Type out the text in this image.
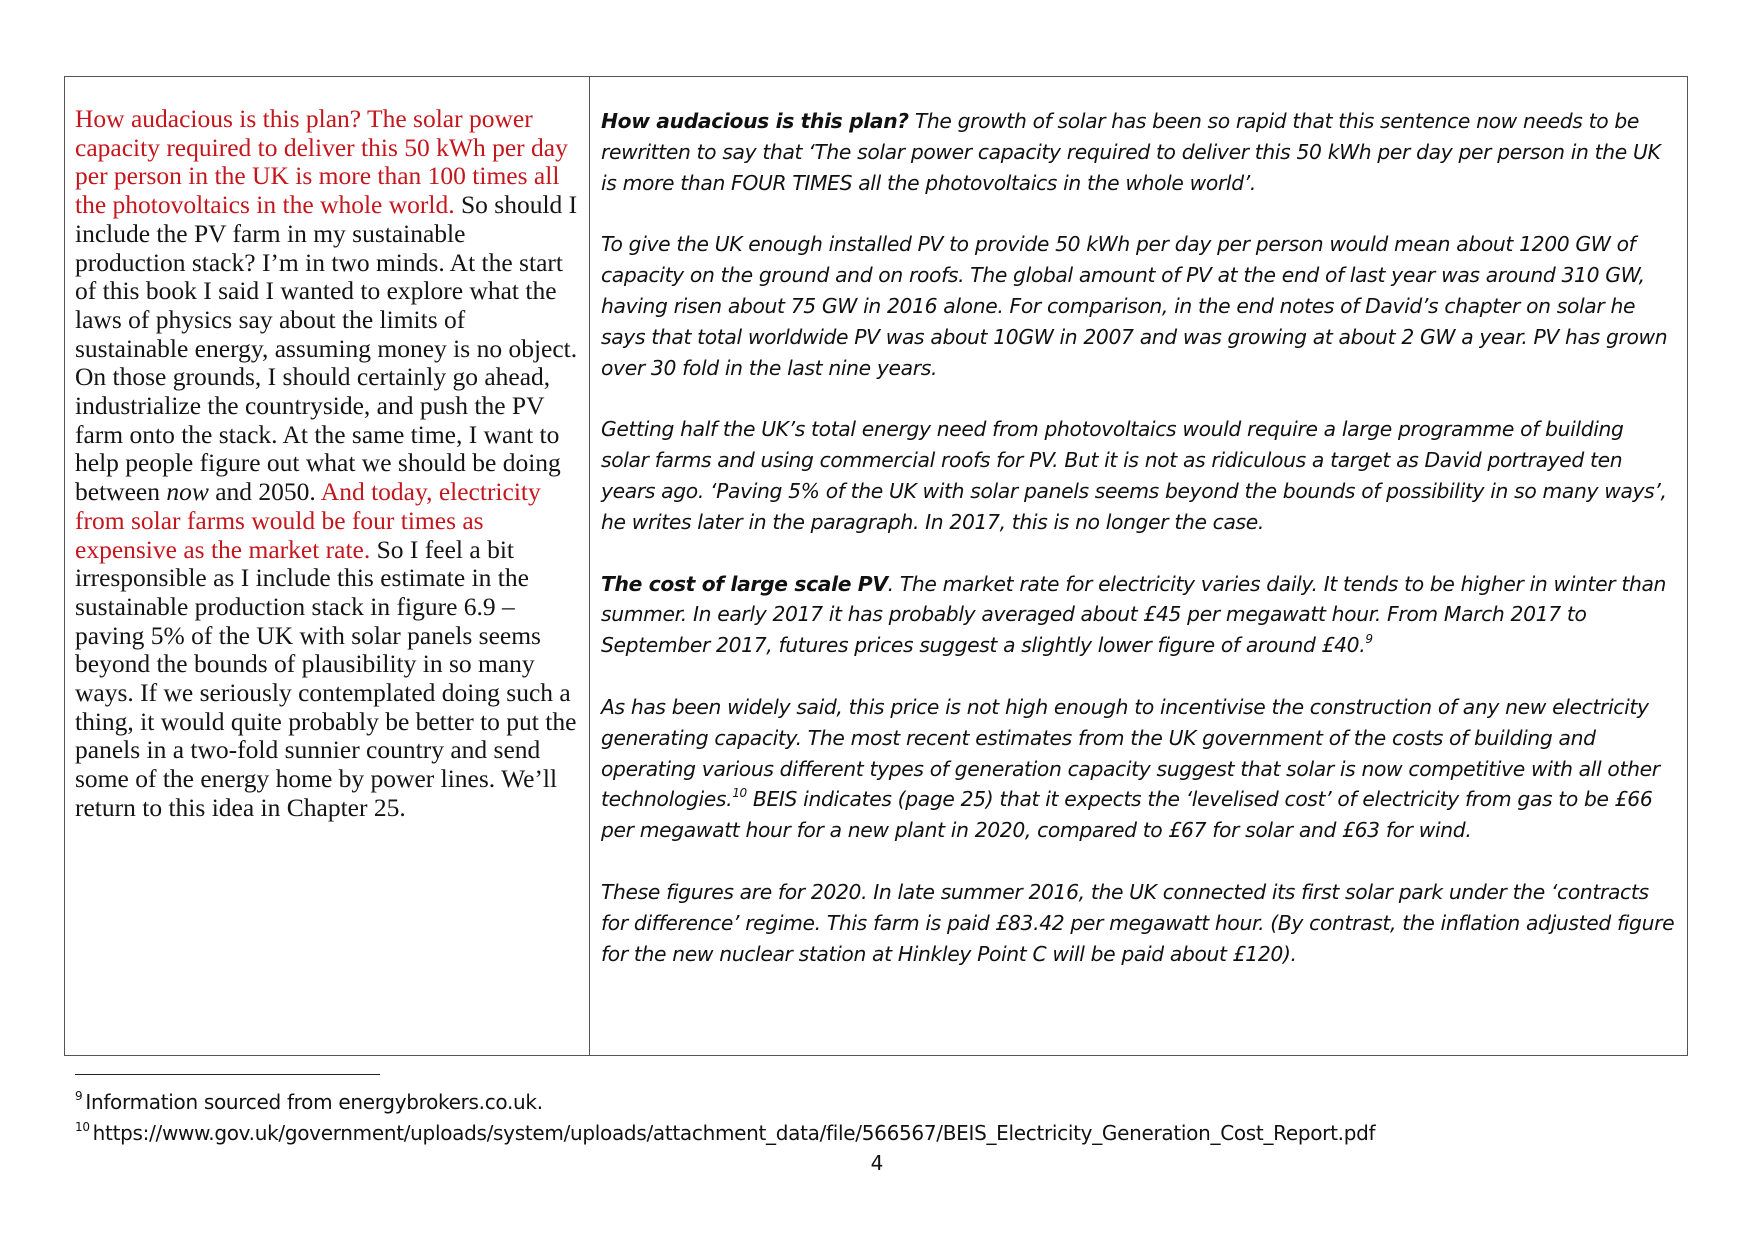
How audacious is this plan? The solar power capacity required to deliver this 50 kWh per day per person in the UK is more than 100 times all the photovoltaics in the whole world. So should I include the PV farm in my sustainable production stack? I’m in two minds. At the start of this book I said I wanted to explore what the laws of physics say about the limits of sustainable energy, assuming money is no object. On those grounds, I should certainly go ahead, industrialize the countryside, and push the PV farm onto the stack. At the same time, I want to help people figure out what we should be doing between now and 2050. And today, electricity from solar farms would be four times as expensive as the market rate. So I feel a bit irresponsible as I include this estimate in the sustainable production stack in figure 6.9 – paving 5% of the UK with solar panels seems beyond the bounds of plausibility in so many ways. If we seriously contemplated doing such a thing, it would quite probably be better to put the panels in a two-fold sunnier country and send some of the energy home by power lines. We’ll return to this idea in Chapter 25.

How audacious is this plan? The growth of solar has been so rapid that this sentence now needs to be rewritten to say that ‘The solar power capacity required to deliver this 50 kWh per day per person in the UK is more than FOUR TIMES all the photovoltaics in the whole world’.

To give the UK enough installed PV to provide 50 kWh per day per person would mean about 1200 GW of capacity on the ground and on roofs. The global amount of PV at the end of last year was around 310 GW, having risen about 75 GW in 2016 alone. For comparison, in the end notes of David’s chapter on solar he says that total worldwide PV was about 10GW in 2007 and was growing at about 2 GW a year. PV has grown over 30 fold in the last nine years.

Getting half the UK’s total energy need from photovoltaics would require a large programme of building solar farms and using commercial roofs for PV. But it is not as ridiculous a target as David portrayed ten years ago. ‘Paving 5% of the UK with solar panels seems beyond the bounds of possibility in so many ways’, he writes later in the paragraph. In 2017, this is no longer the case.

The cost of large scale PV. The market rate for electricity varies daily. It tends to be higher in winter than summer. In early 2017 it has probably averaged about £45 per megawatt hour. From March 2017 to September 2017, futures prices suggest a slightly lower figure of around £40.$^9$

As has been widely said, this price is not high enough to incentivise the construction of any new electricity generating capacity. The most recent estimates from the UK government of the costs of building and operating various different types of generation capacity suggest that solar is now competitive with all other technologies.$^{10}$ BEIS indicates (page 25) that it expects the ‘levelised cost’ of electricity from gas to be £66 per megawatt hour for a new plant in 2020, compared to £67 for solar and £63 for wind.

These figures are for 2020. In late summer 2016, the UK connected its first solar park under the ‘contracts for difference’ regime. This farm is paid £83.42 per megawatt hour. (By contrast, the inflation adjusted figure for the new nuclear station at Hinkley Point C will be paid about £120).

$^9$ Information sourced from energybrokers.co.uk.
$^{10}$ https://www.gov.uk/government/uploads/system/uploads/attachment_data/file/566567/BEIS_Electricity_Generation_Cost_Report.pdf
4
